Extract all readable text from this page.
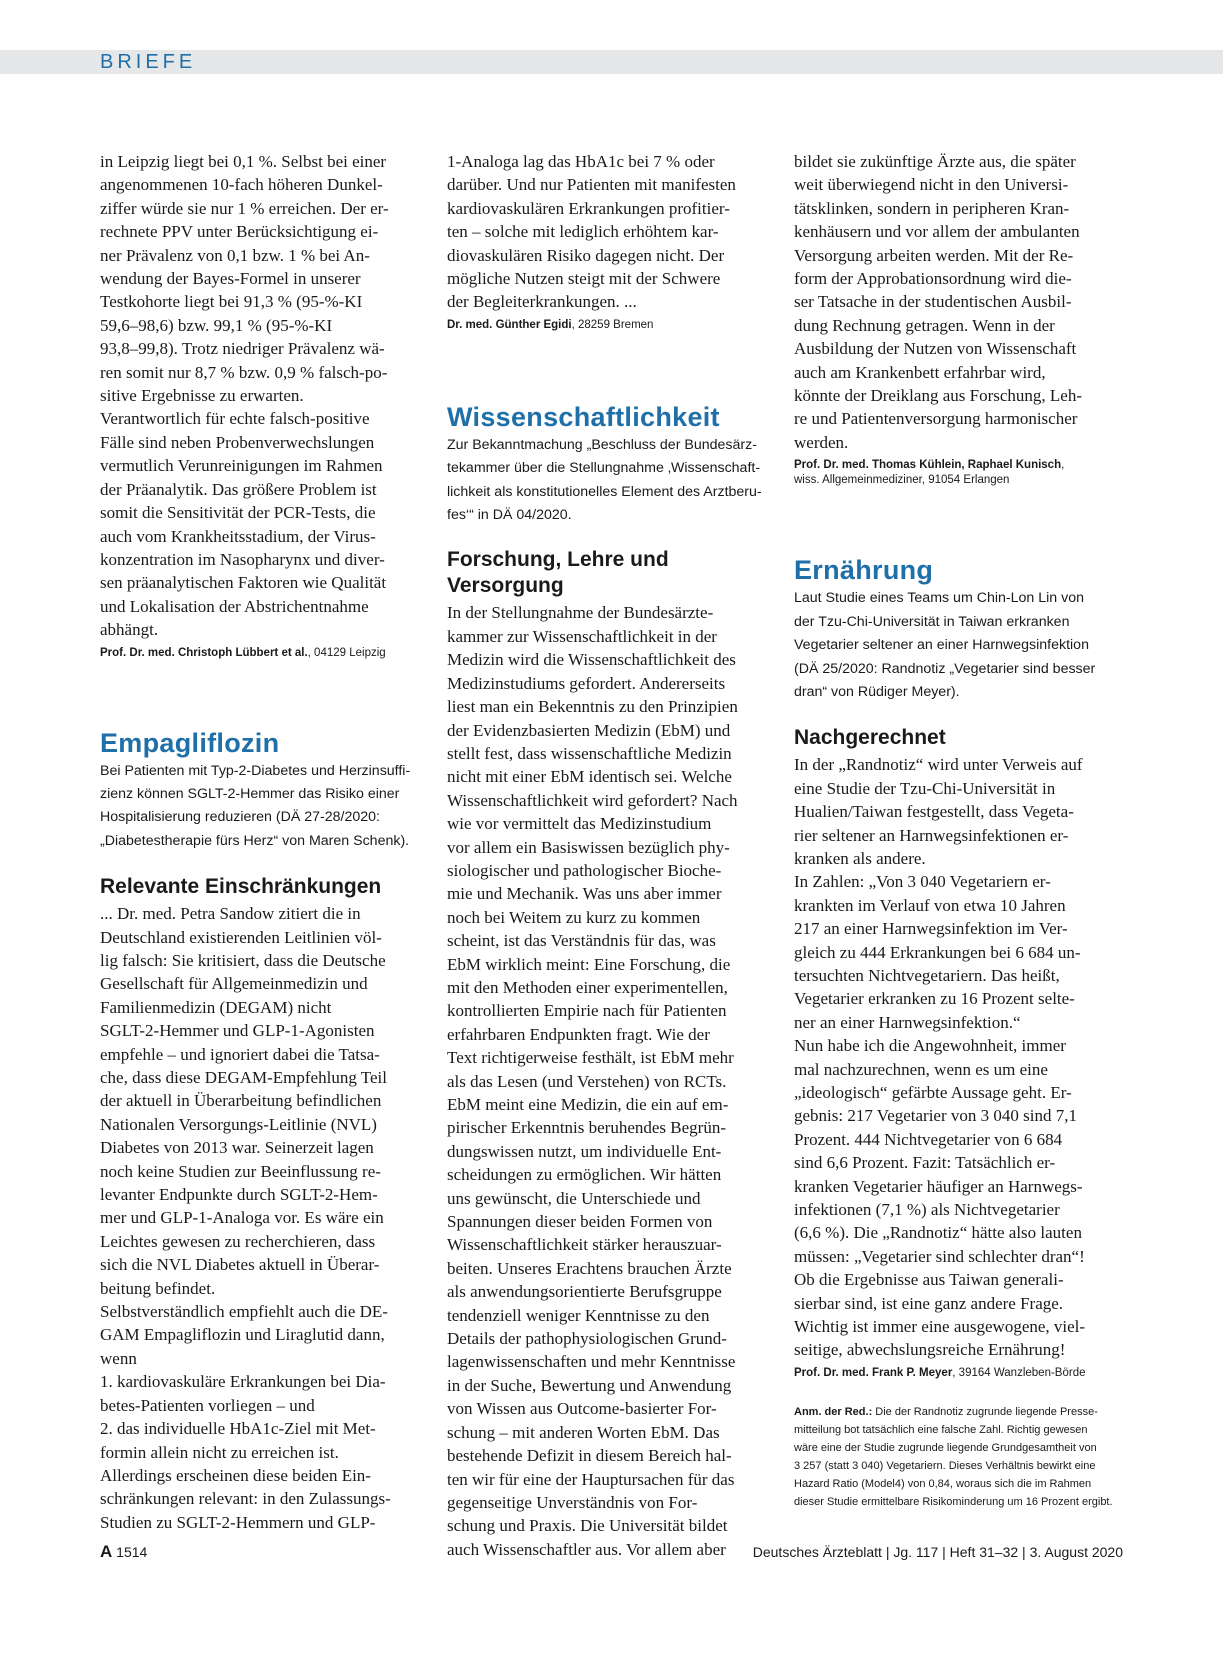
BRIEFE

in Leipzig liegt bei 0,1 %. Selbst bei einer
angenommenen 10-fach höheren Dunkel-
ziffer würde sie nur 1 % erreichen. Der er-
rechnete PPV unter Berücksichtigung ei-
ner Prävalenz von 0,1 bzw. 1 % bei An-
wendung der Bayes-Formel in unserer
Testkohorte liegt bei 91,3 % (95-%-KI
59,6–98,6) bzw. 99,1 % (95-%-KI
93,8–99,8). Trotz niedriger Prävalenz wä-
ren somit nur 8,7 % bzw. 0,9 % falsch-po-
sitive Ergebnisse zu erwarten.
Verantwortlich für echte falsch-positive
Fälle sind neben Probenverwechslungen
vermutlich Verunreinigungen im Rahmen
der Präanalytik. Das größere Problem ist
somit die Sensitivität der PCR-Tests, die
auch vom Krankheitsstadium, der Virus-
konzentration im Nasopharynx und diver-
sen präanalytischen Faktoren wie Qualität
und Lokalisation der Abstrichentnahme
abhängt.

Prof. Dr. med. Christoph Lübbert et al., 04129 Leipzig

Empagliflozin

Bei Patienten mit Typ-2-Diabetes und Herzinsuffi-
zienz können SGLT-2-Hemmer das Risiko einer
Hospitalisierung reduzieren (DÄ 27-28/2020:
„Diabetestherapie fürs Herz“ von Maren Schenk).

Relevante Einschränkungen

... Dr. med. Petra Sandow zitiert die in
Deutschland existierenden Leitlinien völ-
lig falsch: Sie kritisiert, dass die Deutsche
Gesellschaft für Allgemeinmedizin und
Familienmedizin (DEGAM) nicht
SGLT-2-Hemmer und GLP-1-Agonisten
empfehle – und ignoriert dabei die Tatsa-
che, dass diese DEGAM-Empfehlung Teil
der aktuell in Überarbeitung befindlichen
Nationalen Versorgungs-Leitlinie (NVL)
Diabetes von 2013 war. Seinerzeit lagen
noch keine Studien zur Beeinflussung re-
levanter Endpunkte durch SGLT-2-Hem-
mer und GLP-1-Analoga vor. Es wäre ein
Leichtes gewesen zu recherchieren, dass
sich die NVL Diabetes aktuell in Überar-
beitung befindet.
Selbstverständlich empfiehlt auch die DE-
GAM Empagliflozin und Liraglutid dann,
wenn
1. kardiovaskuläre Erkrankungen bei Dia-
betes-Patienten vorliegen – und
2. das individuelle HbA1c-Ziel mit Met-
formin allein nicht zu erreichen ist.
Allerdings erscheinen diese beiden Ein-
schränkungen relevant: in den Zulassungs-
Studien zu SGLT-2-Hemmern und GLP-

1-Analoga lag das HbA1c bei 7 % oder
darüber. Und nur Patienten mit manifesten
kardiovaskulären Erkrankungen profitier-
ten – solche mit lediglich erhöhtem kar-
diovaskulären Risiko dagegen nicht. Der
mögliche Nutzen steigt mit der Schwere
der Begleiterkrankungen. ...

Dr. med. Günther Egidi, 28259 Bremen

Wissenschaftlichkeit

Zur Bekanntmachung „Beschluss der Bundesärz-
tekammer über die Stellungnahme ‚Wissenschaft-
lichkeit als konstitutionelles Element des Arztberu-
fes‘“ in DÄ 04/2020.

Forschung, Lehre und Versorgung

In der Stellungnahme der Bundesärzte-
kammer zur Wissenschaftlichkeit in der
Medizin wird die Wissenschaftlichkeit des
Medizinstudiums gefordert. Andererseits
liest man ein Bekenntnis zu den Prinzipien
der Evidenzbasierten Medizin (EbM) und
stellt fest, dass wissenschaftliche Medizin
nicht mit einer EbM identisch sei. Welche
Wissenschaftlichkeit wird gefordert? Nach
wie vor vermittelt das Medizinstudium
vor allem ein Basiswissen bezüglich phy-
siologischer und pathologischer Bioche-
mie und Mechanik. Was uns aber immer
noch bei Weitem zu kurz zu kommen
scheint, ist das Verständnis für das, was
EbM wirklich meint: Eine Forschung, die
mit den Methoden einer experimentellen,
kontrollierten Empirie nach für Patienten
erfahrbaren Endpunkten fragt. Wie der
Text richtigerweise festhält, ist EbM mehr
als das Lesen (und Verstehen) von RCTs.
EbM meint eine Medizin, die ein auf em-
pirischer Erkenntnis beruhendes Begrün-
dungswissen nutzt, um individuelle Ent-
scheidungen zu ermöglichen. Wir hätten
uns gewünscht, die Unterschiede und
Spannungen dieser beiden Formen von
Wissenschaftlichkeit stärker herauszuar-
beiten. Unseres Erachtens brauchen Ärzte
als anwendungsorientierte Berufsgruppe
tendenziell weniger Kenntnisse zu den
Details der pathophysiologischen Grund-
lagenwissenschaften und mehr Kenntnisse
in der Suche, Bewertung und Anwendung
von Wissen aus Outcome-basierter For-
schung – mit anderen Worten EbM. Das
bestehende Defizit in diesem Bereich hal-
ten wir für eine der Hauptursachen für das
gegenseitige Unverständnis von For-
schung und Praxis. Die Universität bildet
auch Wissenschaftler aus. Vor allem aber

bildet sie zukünftige Ärzte aus, die später
weit überwiegend nicht in den Universi-
tätsklinken, sondern in peripheren Kran-
kenhäusern und vor allem der ambulanten
Versorgung arbeiten werden. Mit der Re-
form der Approbationsordnung wird die-
ser Tatsache in der studentischen Ausbil-
dung Rechnung getragen. Wenn in der
Ausbildung der Nutzen von Wissenschaft
auch am Krankenbett erfahrbar wird,
könnte der Dreiklang aus Forschung, Leh-
re und Patientenversorgung harmonischer
werden.

Prof. Dr. med. Thomas Kühlein, Raphael Kunisch,
wiss. Allgemeinmediziner, 91054 Erlangen

Ernährung

Laut Studie eines Teams um Chin-Lon Lin von
der Tzu-Chi-Universität in Taiwan erkranken
Vegetarier seltener an einer Harnwegsinfektion
(DÄ 25/2020: Randnotiz „Vegetarier sind besser
dran“ von Rüdiger Meyer).

Nachgerechnet

In der „Randnotiz“ wird unter Verweis auf
eine Studie der Tzu-Chi-Universität in
Hualien/Taiwan festgestellt, dass Vegeta-
rier seltener an Harnwegsinfektionen er-
kranken als andere.
In Zahlen: „Von 3 040 Vegetariern er-
krankten im Verlauf von etwa 10 Jahren
217 an einer Harnwegsinfektion im Ver-
gleich zu 444 Erkrankungen bei 6 684 un-
tersuchten Nichtvegetariern. Das heißt,
Vegetarier erkranken zu 16 Prozent selte-
ner an einer Harnwegsinfektion.“
Nun habe ich die Angewohnheit, immer
mal nachzurechnen, wenn es um eine
„ideologisch“ gefärbte Aussage geht. Er-
gebnis: 217 Vegetarier von 3 040 sind 7,1
Prozent. 444 Nichtvegetarier von 6 684
sind 6,6 Prozent. Fazit: Tatsächlich er-
kranken Vegetarier häufiger an Harnwegs-
infektionen (7,1 %) als Nichtvegetarier
(6,6 %). Die „Randnotiz“ hätte also lauten
müssen: „Vegetarier sind schlechter dran“!
Ob die Ergebnisse aus Taiwan generali-
sierbar sind, ist eine ganz andere Frage.
Wichtig ist immer eine ausgewogene, viel-
seitige, abwechslungsreiche Ernährung!

Prof. Dr. med. Frank P. Meyer, 39164 Wanzleben-Börde

Anm. der Red.: Die der Randnotiz zugrunde liegende Presse-
mitteilung bot tatsächlich eine falsche Zahl. Richtig gewesen
wäre eine der Studie zugrunde liegende Grundgesamtheit von
3 257 (statt 3 040) Vegetariern. Dieses Verhältnis bewirkt eine
Hazard Ratio (Model4) von 0,84, woraus sich die im Rahmen
dieser Studie ermittelbare Risikominderung um 16 Prozent ergibt.

A 1514	Deutsches Ärzteblatt | Jg. 117 | Heft 31–32 | 3. August 2020
